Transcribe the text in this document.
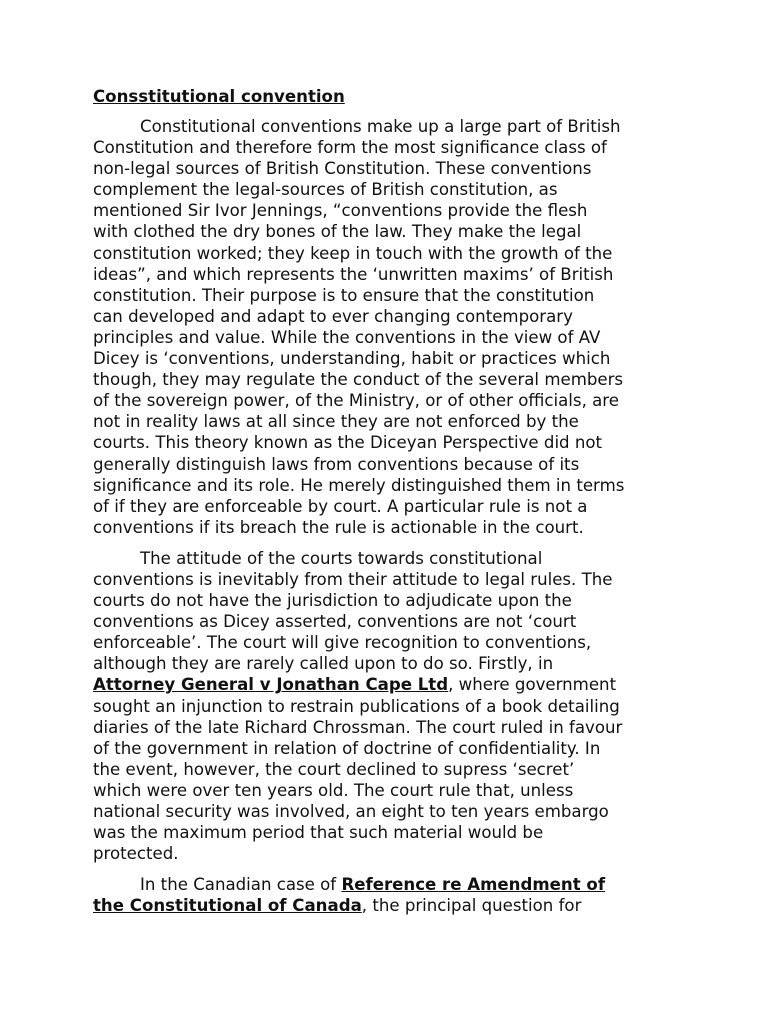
Consstitutional convention
Constitutional conventions make up a large part of British
Constitution and therefore form the most significance class of
non-legal sources of British Constitution. These conventions
complement the legal-sources of British constitution, as
mentioned Sir Ivor Jennings, “conventions provide the flesh
with clothed the dry bones of the law. They make the legal
constitution worked; they keep in touch with the growth of the
ideas”, and which represents the ‘unwritten maxims’ of British
constitution. Their purpose is to ensure that the constitution
can developed and adapt to ever changing contemporary
principles and value. While the conventions in the view of AV
Dicey is ‘conventions, understanding, habit or practices which
though, they may regulate the conduct of the several members
of the sovereign power, of the Ministry, or of other officials, are
not in reality laws at all since they are not enforced by the
courts. This theory known as the Diceyan Perspective did not
generally distinguish laws from conventions because of its
significance and its role. He merely distinguished them in terms
of if they are enforceable by court. A particular rule is not a
conventions if its breach the rule is actionable in the court.
The attitude of the courts towards constitutional
conventions is inevitably from their attitude to legal rules. The
courts do not have the jurisdiction to adjudicate upon the
conventions as Dicey asserted, conventions are not ‘court
enforceable’. The court will give recognition to conventions,
although they are rarely called upon to do so. Firstly, in
Attorney General v Jonathan Cape Ltd, where government
sought an injunction to restrain publications of a book detailing
diaries of the late Richard Chrossman. The court ruled in favour
of the government in relation of doctrine of confidentiality. In
the event, however, the court declined to supress ‘secret’
which were over ten years old. The court rule that, unless
national security was involved, an eight to ten years embargo
was the maximum period that such material would be
protected.
In the Canadian case of Reference re Amendment of
the Constitutional of Canada, the principal question for
